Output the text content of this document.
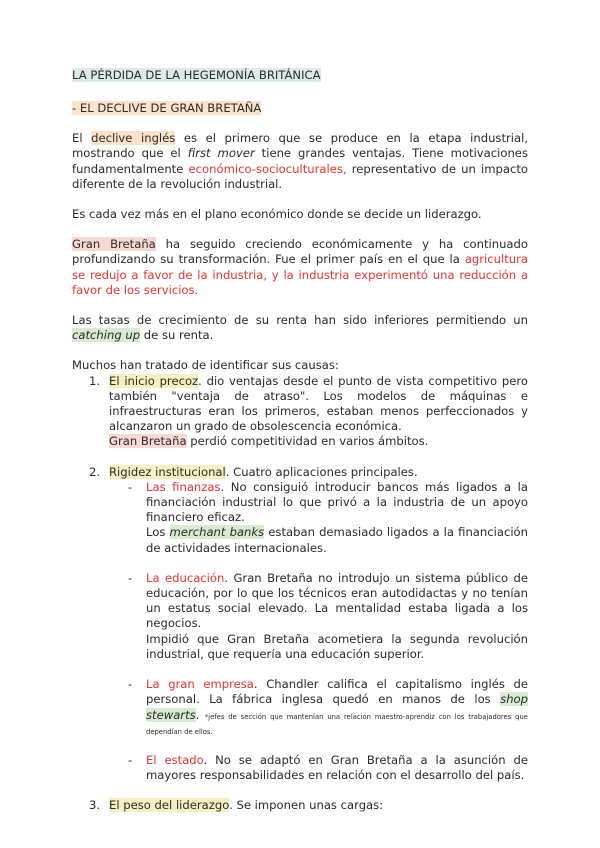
LA PÉRDIDA DE LA HEGEMONÍA BRITÁNICA

- EL DECLIVE DE GRAN BRETAÑA

El declive inglés es el primero que se produce en la etapa industrial, mostrando que el first mover tiene grandes ventajas. Tiene motivaciones fundamentalmente económico-socioculturales, representativo de un impacto diferente de la revolución industrial.

Es cada vez más en el plano económico donde se decide un liderazgo.

Gran Bretaña ha seguido creciendo económicamente y ha continuado profundizando su transformación. Fue el primer país en el que la agricultura se redujo a favor de la industria, y la industria experimentó una reducción a favor de los servicios.

Las tasas de crecimiento de su renta han sido inferiores permitiendo un catching up de su renta.

Muchos han tratado de identificar sus causas:

1. El inicio precoz. dio ventajas desde el punto de vista competitivo pero también "ventaja de atraso". Los modelos de máquinas e infraestructuras eran los primeros, estaban menos perfeccionados y alcanzaron un grado de obsolescencia económica.

Gran Bretaña perdió competitividad en varios ámbitos.

2. Rigidez institucional. Cuatro aplicaciones principales.

- Las finanzas. No consiguió introducir bancos más ligados a la financiación industrial lo que privó a la industria de un apoyo financiero eficaz.

Los merchant banks estaban demasiado ligados a la financiación de actividades internacionales.

- La educación. Gran Bretaña no introdujo un sistema público de educación, por lo que los técnicos eran autodidactas y no tenían un estatus social elevado. La mentalidad estaba ligada a los negocios.

Impidió que Gran Bretaña acometiera la segunda revolución industrial, que requería una educación superior.

- La gran empresa. Chandler califica el capitalismo inglés de personal. La fábrica inglesa quedó en manos de los shop stewarts. *jefes de sección que mantenían una relación maestro-aprendiz con los trabajadores que dependían de ellos.

- El estado. No se adaptó en Gran Bretaña a la asunción de mayores responsabilidades en relación con el desarrollo del país.

3. El peso del liderazgo. Se imponen unas cargas:
